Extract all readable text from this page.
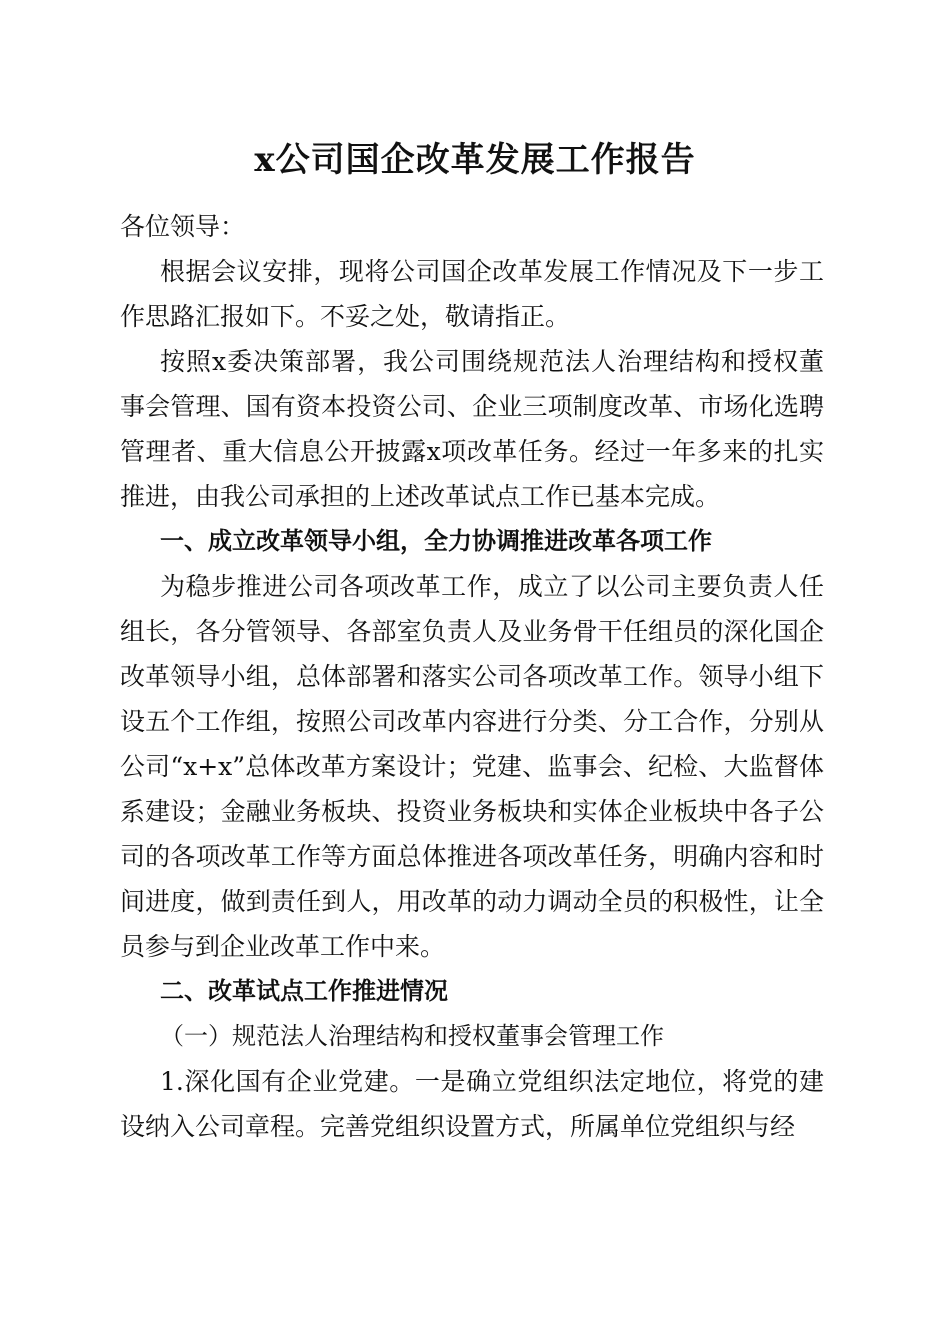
x公司国企改革发展工作报告

各位领导：

根据会议安排，现将公司国企改革发展工作情况及下一步工作思路汇报如下。不妥之处，敬请指正。

按照x委决策部署，我公司围绕规范法人治理结构和授权董事会管理、国有资本投资公司、企业三项制度改革、市场化选聘管理者、重大信息公开披露x项改革任务。经过一年多来的扎实推进，由我公司承担的上述改革试点工作已基本完成。

一、成立改革领导小组，全力协调推进改革各项工作

为稳步推进公司各项改革工作，成立了以公司主要负责人任组长，各分管领导、各部室负责人及业务骨干任组员的深化国企改革领导小组，总体部署和落实公司各项改革工作。领导小组下设五个工作组，按照公司改革内容进行分类、分工合作，分别从公司“x+x”总体改革方案设计；党建、监事会、纪检、大监督体系建设；金融业务板块、投资业务板块和实体企业板块中各子公司的各项改革工作等方面总体推进各项改革任务，明确内容和时间进度，做到责任到人，用改革的动力调动全员的积极性，让全员参与到企业改革工作中来。

二、改革试点工作推进情况

（一）规范法人治理结构和授权董事会管理工作

1.深化国有企业党建。一是确立党组织法定地位，将党的建设纳入公司章程。完善党组织设置方式，所属单位党组织与经
